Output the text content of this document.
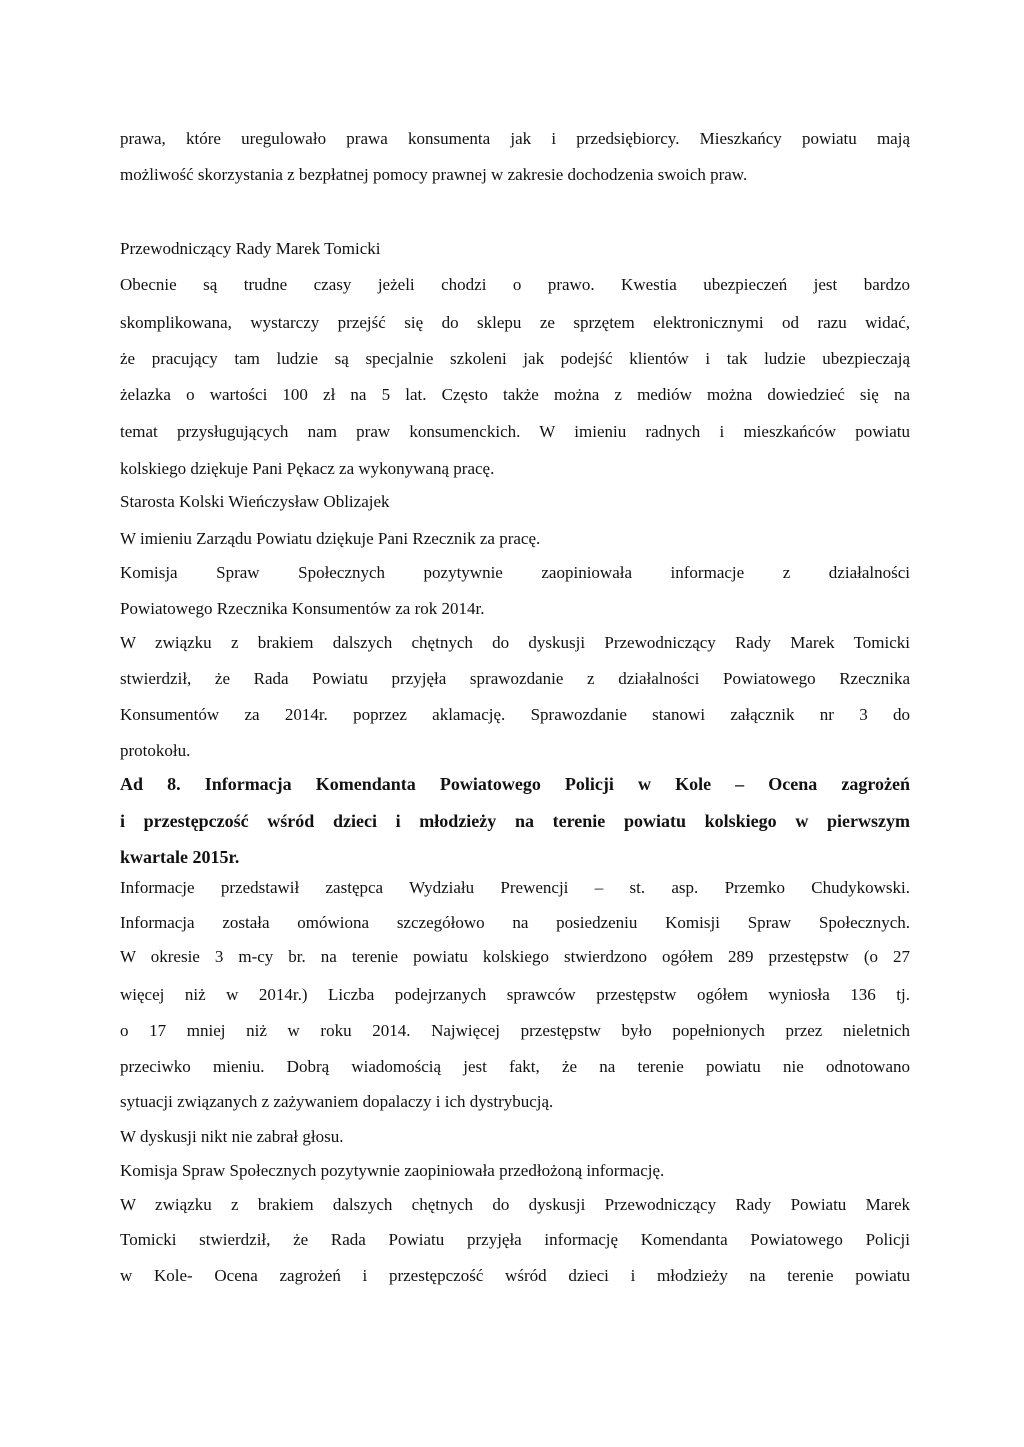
prawa, które uregulowało prawa konsumenta jak i przedsiębiorcy. Mieszkańcy powiatu mają
możliwość skorzystania z bezpłatnej pomocy prawnej w zakresie dochodzenia swoich praw.
Przewodniczący Rady Marek Tomicki
Obecnie są trudne czasy jeżeli chodzi o prawo. Kwestia ubezpieczeń jest bardzo
skomplikowana, wystarczy przejść się do sklepu ze sprzętem elektronicznymi od razu widać,
że pracujący tam ludzie są specjalnie szkoleni jak podejść klientów i tak ludzie ubezpieczają
żelazka o wartości 100 zł na 5 lat. Często także można z mediów można dowiedzieć się na
temat przysługujących nam praw konsumenckich. W imieniu radnych i mieszkańców powiatu
kolskiego dziękuje Pani Pękacz za wykonywaną pracę.
Starosta Kolski Wieńczysław Oblizajek
W imieniu Zarządu Powiatu dziękuje Pani Rzecznik za pracę.
Komisja Spraw Społecznych pozytywnie zaopiniowała informacje z działalności
Powiatowego Rzecznika Konsumentów za rok 2014r.
W związku z brakiem dalszych chętnych do dyskusji Przewodniczący Rady Marek Tomicki
stwierdził, że Rada Powiatu przyjęła sprawozdanie z działalności Powiatowego Rzecznika
Konsumentów za 2014r. poprzez aklamację. Sprawozdanie stanowi załącznik nr 3 do
protokołu.
Ad 8. Informacja Komendanta Powiatowego Policji w Kole – Ocena zagrożeń
i przestępczość wśród dzieci i młodzieży na terenie powiatu kolskiego w pierwszym
kwartale 2015r.
Informacje przedstawił zastępca Wydziału Prewencji – st. asp. Przemko Chudykowski.
Informacja została omówiona szczegółowo na posiedzeniu Komisji Spraw Społecznych.
W okresie 3 m-cy br. na terenie powiatu kolskiego stwierdzono ogółem 289 przestępstw (o 27
więcej niż w 2014r.) Liczba podejrzanych sprawców przestępstw ogółem wyniosła 136 tj.
o 17 mniej niż w roku 2014. Najwięcej przestępstw było popełnionych przez nieletnich
przeciwko mieniu. Dobrą wiadomością jest fakt, że na terenie powiatu nie odnotowano
sytuacji związanych z zażywaniem dopalaczy i ich dystrybucją.
W dyskusji nikt nie zabrał głosu.
Komisja Spraw Społecznych pozytywnie zaopiniowała przedłożoną informację.
W związku z brakiem dalszych chętnych do dyskusji Przewodniczący Rady Powiatu Marek
Tomicki stwierdził, że Rada Powiatu przyjęła informację Komendanta Powiatowego Policji
w Kole- Ocena zagrożeń i przestępczość wśród dzieci i młodzieży na terenie powiatu
